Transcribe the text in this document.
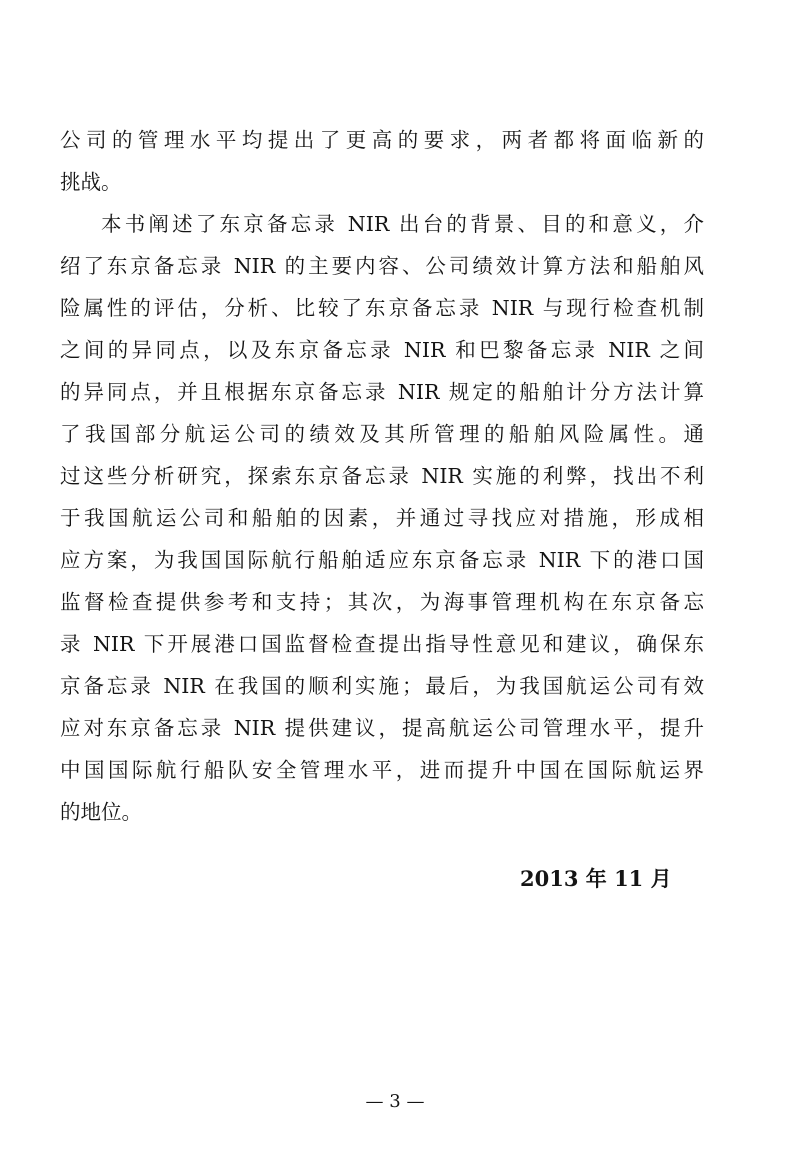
公司的管理水平均提出了更高的要求，两者都将面临新的
挑战。
本书阐述了东京备忘录 NIR 出台的背景、目的和意义，介
绍了东京备忘录 NIR 的主要内容、公司绩效计算方法和船舶风
险属性的评估，分析、比较了东京备忘录 NIR 与现行检查机制
之间的异同点，以及东京备忘录 NIR 和巴黎备忘录 NIR 之间
的异同点，并且根据东京备忘录 NIR 规定的船舶计分方法计算
了我国部分航运公司的绩效及其所管理的船舶风险属性。通
过这些分析研究，探索东京备忘录 NIR 实施的利弊，找出不利
于我国航运公司和船舶的因素，并通过寻找应对措施，形成相
应方案，为我国国际航行船舶适应东京备忘录 NIR 下的港口国
监督检查提供参考和支持；其次，为海事管理机构在东京备忘
录 NIR 下开展港口国监督检查提出指导性意见和建议，确保东
京备忘录 NIR 在我国的顺利实施；最后，为我国航运公司有效
应对东京备忘录 NIR 提供建议，提高航运公司管理水平，提升
中国国际航行船队安全管理水平，进而提升中国在国际航运界
的地位。
2013 年 11 月
— 3 —
